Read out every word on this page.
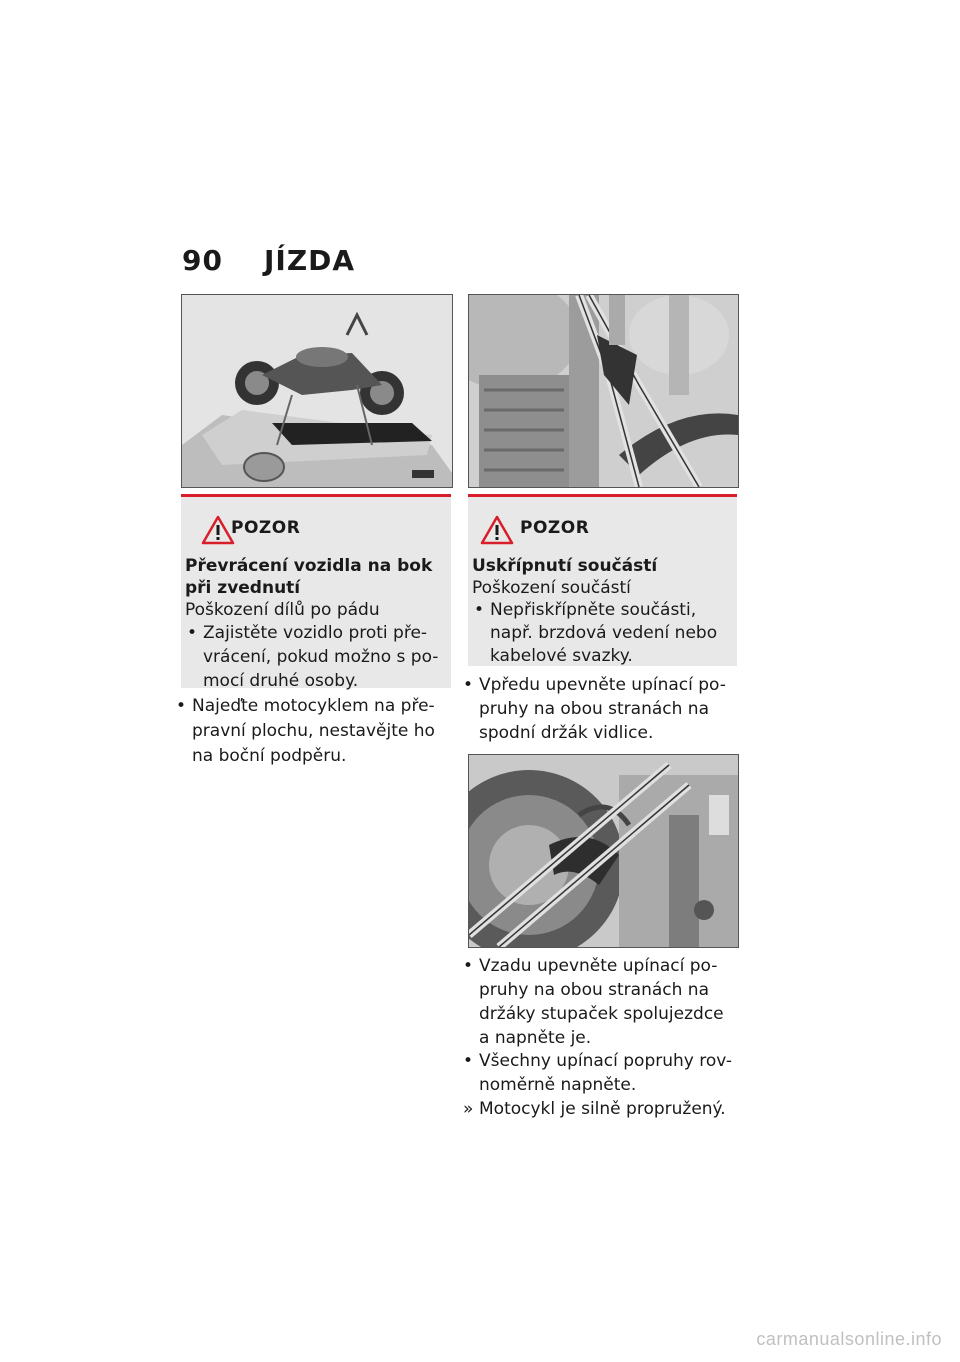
90 JÍZDA
POZOR
Převrácení vozidla na bok
při zvednutí
Poškození dílů po pádu
• Zajistěte vozidlo proti pře-
vrácení, pokud možno s po-
mocí druhé osoby.
• Najeďte motocyklem na pře-
pravní plochu, nestavějte ho
na boční podpěru.
POZOR
Uskřípnutí součástí
Poškození součástí
• Nepřiskřípněte součásti,
např. brzdová vedení nebo
kabelové svazky.
• Vpředu upevněte upínací po-
pruhy na obou stranách na
spodní držák vidlice.
• Vzadu upevněte upínací po-
pruhy na obou stranách na
držáky stupaček spolujezdce
a napněte je.
• Všechny upínací popruhy rov-
noměrně napněte.
» Motocykl je silně propružený.
carmanualsonline.info
